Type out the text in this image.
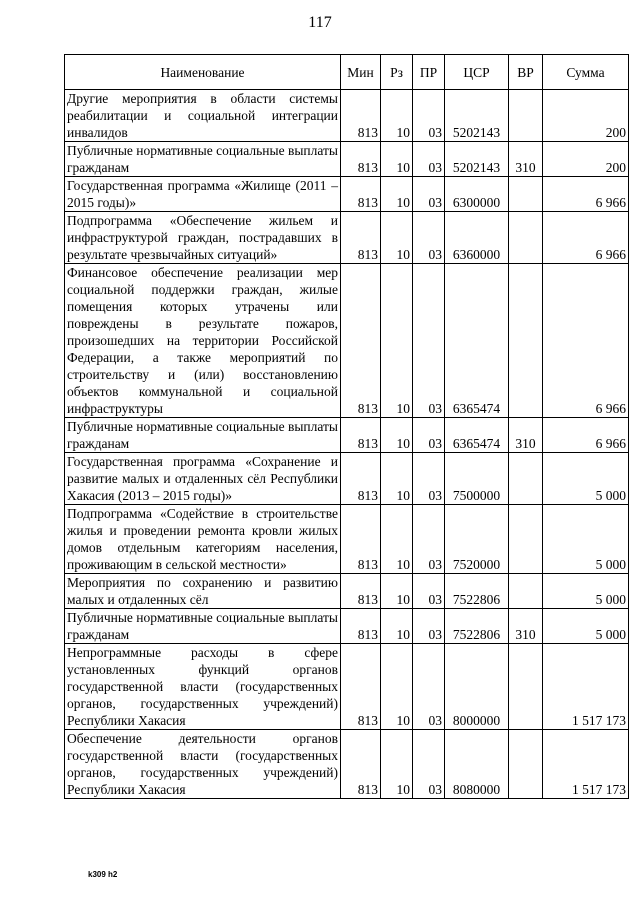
117
Наименование	Мин	Рз	ПР	ЦСР	ВР	Сумма
Другие мероприятия в области системы реабилитации и социальной интеграции инвалидов	813	10	03	5202143		200
Публичные нормативные социальные выплаты гражданам	813	10	03	5202143	310	200
Государственная программа «Жилище (2011 – 2015 годы)»	813	10	03	6300000		6 966
Подпрограмма «Обеспечение жильем и инфраструктурой граждан, пострадавших в результате чрезвычайных ситуаций»	813	10	03	6360000		6 966
Финансовое обеспечение реализации мер социальной поддержки граждан, жилые помещения которых утрачены или повреждены в результате пожаров, произошедших на территории Российской Федерации, а также мероприятий по строительству и (или) восстановлению объектов коммунальной и социальной инфраструктуры	813	10	03	6365474		6 966
Публичные нормативные социальные выплаты гражданам	813	10	03	6365474	310	6 966
Государственная программа «Сохранение и развитие малых и отдаленных сёл Республики Хакасия (2013 – 2015 годы)»	813	10	03	7500000		5 000
Подпрограмма «Содействие в строительстве жилья и проведении ремонта кровли жилых домов отдельным категориям населения, проживающим в сельской местности»	813	10	03	7520000		5 000
Мероприятия по сохранению и развитию малых и отдаленных сёл	813	10	03	7522806		5 000
Публичные нормативные социальные выплаты гражданам	813	10	03	7522806	310	5 000
Непрограммные расходы в сфере установленных функций органов государственной власти (государственных органов, государственных учреждений) Республики Хакасия	813	10	03	8000000		1 517 173
Обеспечение деятельности органов государственной власти (государственных органов, государственных учреждений) Республики Хакасия	813	10	03	8080000		1 517 173
k309 h2
